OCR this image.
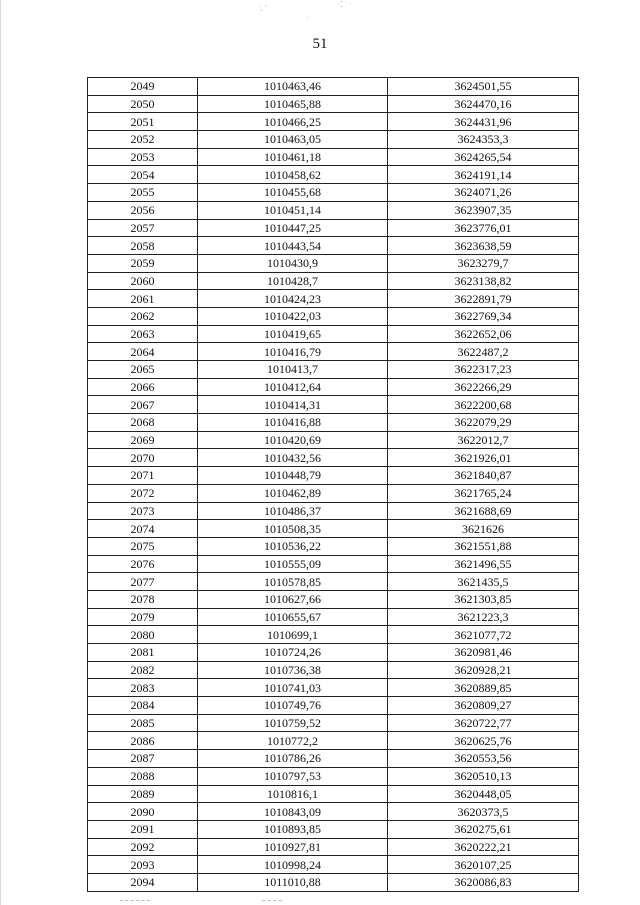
˙. ˊ
ˑ
⁚ ˙ ˑ
51
2049	1010463,46	3624501,55
2050	1010465,88	3624470,16
2051	1010466,25	3624431,96
2052	1010463,05	3624353,3
2053	1010461,18	3624265,54
2054	1010458,62	3624191,14
2055	1010455,68	3624071,26
2056	1010451,14	3623907,35
2057	1010447,25	3623776,01
2058	1010443,54	3623638,59
2059	1010430,9	3623279,7
2060	1010428,7	3623138,82
2061	1010424,23	3622891,79
2062	1010422,03	3622769,34
2063	1010419,65	3622652,06
2064	1010416,79	3622487,2
2065	1010413,7	3622317,23
2066	1010412,64	3622266,29
2067	1010414,31	3622200,68
2068	1010416,88	3622079,29
2069	1010420,69	3622012,7
2070	1010432,56	3621926,01
2071	1010448,79	3621840,87
2072	1010462,89	3621765,24
2073	1010486,37	3621688,69
2074	1010508,35	3621626
2075	1010536,22	3621551,88
2076	1010555,09	3621496,55
2077	1010578,85	3621435,5
2078	1010627,66	3621303,85
2079	1010655,67	3621223,3
2080	1010699,1	3621077,72
2081	1010724,26	3620981,46
2082	1010736,38	3620928,21
2083	1010741,03	3620889,85
2084	1010749,76	3620809,27
2085	1010759,52	3620722,77
2086	1010772,2	3620625,76
2087	1010786,26	3620553,56
2088	1010797,53	3620510,13
2089	1010816,1	3620448,05
2090	1010843,09	3620373,5
2091	1010893,85	3620275,61
2092	1010927,81	3620222,21
2093	1010998,24	3620107,25
2094	1011010,88	3620086,83
